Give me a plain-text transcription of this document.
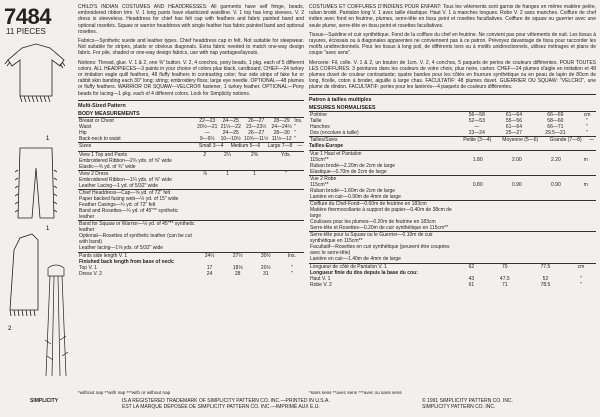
7484
11 PIECES
1
1
2

CHILD'S INDIAN COSTUMES AND HEADDRESSES: All garments have self fringe, beads, embroidered ribbon trim. V. 1 long pants have elasticized waistline. V. 1 top has long sleeves. V. 2 dress is sleeveless. Headdress for chief has felt cap with feathers and fabric painted band and optional rosettes. Squaw or warrior headdress with single feather has fabric painted band and optional rosettes.

Fabrics—Synthetic suede and leather types. Chief headdress cap in felt. Not suitable for sleepwear. Not suitable for stripes, plaids or obvious diagonals. Extra fabric needed to match one-way design fabric. For pile, shaded or one-way design fabrics, use with nap yardages/layouts.

Notions: Thread, glue. V. 1 & 2, one ⅜" button. V. 2, 4 conchos, pony beads, 1 pkg. each of 5 different colors. ALL HEADPIECES—3 paints in your choice of colors plus black, cardboard. CHIEF—24 turkey or imitation eagle quill feathers, 48 fluffy feathers in contrasting color; four side strips of fake fur or rabbit skin banding each 30" long; string; embroidery floss; large eye needle. OPTIONAL—48 plumes or fluffy feathers. WARRIOR OR SQUAW—VELCRO® fastener, 1 turkey feather. OPTIONAL—Pony beads for lacing—1 pkg. each of 4 different colors. Look for Simplicity notions.

Multi-Sized Pattern
BODY MEASUREMENTS
Breast or Chest	22—23	24—25	26—27	28—29	Ins.
Waist	20½—21	21½—22	23—23½	24—24½	"
Hip	—	24—25	26—27	28—30	"
Back-neck to waist	9—9½	10—10½	10¾—11½	11½—12	"
Sizes	Small 3—4	Medium 5—6	Large 7—8	—
View 1 Top and Pants	2	2¼	2⅜	Yds.
Embroidered Ribbon—2¾ yds. of ⅝" wide				
Elastic—¾ yd. of ¾" wide				
View 2 Dress	⅞	1	1	"
Embroidered Ribbon—1¼ yds. of ⅝" wide				
Leather Lacing—1 yd. of 5/32" wide				
Chief Headdress—Cap—⅝ yd. of 72" felt				
Paper backed fusing web—½ yd. of 15" wide				
Feather Casings—¼ yd. of 72" felt				
Band and Rosettes—¼ yd. of 45"** synthetic leather				
Band for Squaw or Warrior—⅛ yd. of 45"** synthetic leather				
Optional—Rosettes of synthetic leather (can be cut with band)				
Leather lacing—1⅝ yds. of 5/32" wide				
Pants side length V. 1	24½	27½	30½	Ins.
Finished back length from base of neck:				
Top V. 1	17	18⅛	20½	"
Dress V. 2	24	28	31	"

COSTUMES ET COIFFURES D'INDIENS POUR ENFANT: Tous les vêtements sont garnis de franges en même matière pelée, ruban brodé. Pantalon long V. 1 avec taille élastique. Haut V. 1 à manches longues. Robe V. 2 sans manches. Coiffure de chef indien avec fond en feutrine, plumes, serre-tête en tissu peint et rosettes facultatives. Coiffure de squaw ou guerrier avec une seule plume, serre-tête en tissu peint et rosettes facultatives.

Tissus—Suédine et cuir synthétique. Fond de la coiffure du chef en feutrine. Ne convient pas pour vêtements de nuit. Les tissus à rayures, écossais ou à diagonales apparentes ne conviennent pas à ce patron. Prévoyez davantage de tissu pour raccorder les motifs unidirectionnels. Pour les tissus à long poil, de différents tons ou à motifs unidirectionnels, utilisez métrages et plans de coupe "avec sens".

Mercerie: Fil, colle. V. 1 & 2, un bouton de 1cm. V. 2, 4 conchos, 5 paquets de perles de couleurs différentes. POUR TOUTES LES COIFFURES: 3 peintures dans les couleurs de votre choix, plus noire, carton. CHEF—24 plumes d'aigle en imitation et 48 plumes duvet de couleur contrastante; quatre bandes pour les côtés en fourrure synthétique ou en peau de lapin de 80cm de long, ficelle, coton à broder, aiguille à large chas. FACULTATIF: 48 plumes duvet. GUERRIER OU SQUAW: "VELCRO", une plume de dindon. FACULTATIF: perles pour les lanières—4 paquets de couleurs différentes.

Patron à tailles multiples
MESURES NORMALISEES
Poitrine	56—58	61—64	66—69	cm
Taille	52—53	55—56	58—60	"
Hanches	—	61—64	66—71	"
Dos (encolure à taille)	23—24	25—27	29.5—31	"
Tailles/Sizes	Petite (3—4)	Moyenne (5—6)	Grande (7—8)	—
Tailles-Europe
Vue 1 Haut et Pantalon				
115cm**	1.80	2.00	2.20	m
Ruban brodé—2.20m de 2cm de large				
Elastique—0.70m de 2cm de large				
Vue 2 Robe				
115cm**	0.80	0.90	0.90	m
Ruban brodé—1.60m de 2cm de large				
Lanière en cuir—0.90m de 4mm de large				
Coiffure du Chef-Fond—0.60m de feutrine en 183cm				
Matière thermocollante à support de papier—0.40m de 38cm de large				
Coulisses pour les plumes—0.20m de feutrine en 183cm				
Serre-tête et Rosettes—0.20m de cuir synthétique en 115cm**				
Serre-tête pour la Squaw ou le Guerrier—0.10m de cuir synthétique en 115cm**				
Facultatif—Rosettes en cuir synthétique (peuvent être coupées avec le serre-tête)				
Lanière en cuir—1.40m de 4mm de large				
Longueur de côté de Pantalon V. 1	62	70	77.5	cm
Longueur finie du dos depuis la base du cou:				
Haut V. 1	43	47.5	52	"
Robe V. 2	61	71	78.5	"
*without nap **with nap ***with or without nap	*sans sens **avec sens ***avec ou sans sens
SIMPLICITY	IS A REGISTERED TRADEMARK OF SIMPLICITY PATTERN CO. INC.—PRINTED IN U.S.A.	© 1991 SIMPLICITY PATTERN CO. INC.
SIMPLICITY PATTERN CO. INC.
EST LA MARQUE DÉPOSÉE DE SIMPLICITY PATTERN CO. INC.—IMPRIMÉ AUX E.U.
